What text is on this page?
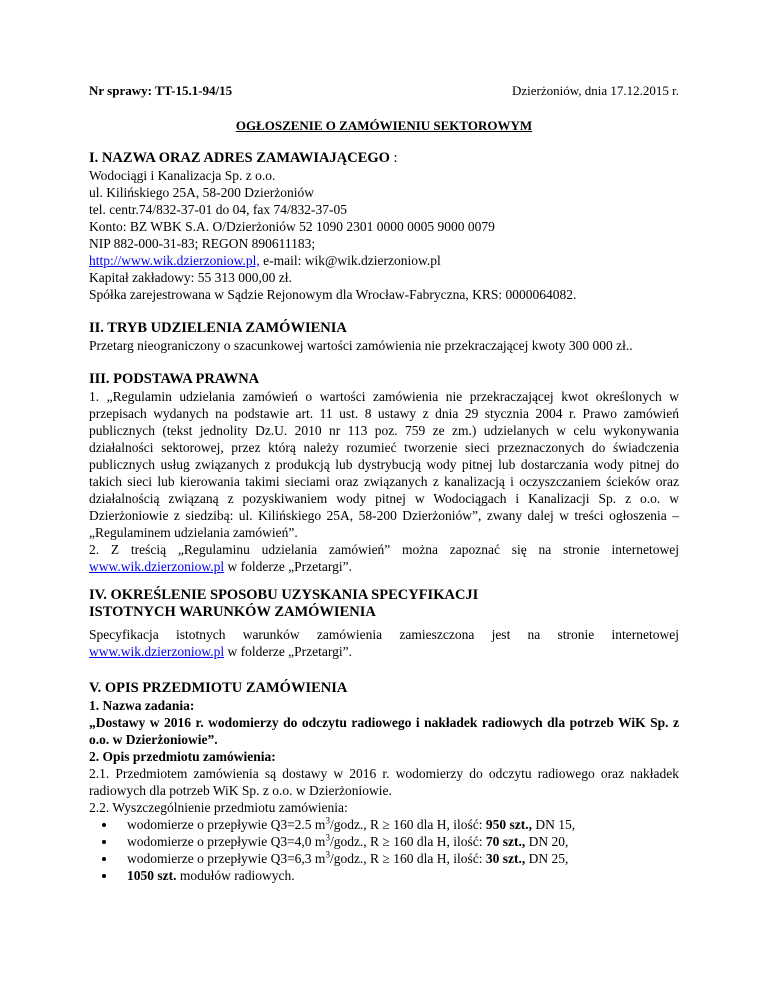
Nr sprawy: TT-15.1-94/15	Dzierżoniów, dnia 17.12.2015 r.
OGŁOSZENIE O ZAMÓWIENIU SEKTOROWYM
I. NAZWA ORAZ ADRES ZAMAWIAJĄCEGO :

Wodociągi i Kanalizacja Sp. z o.o.

ul. Kilińskiego 25A, 58-200 Dzierżoniów

tel. centr.74/832-37-01 do 04, fax 74/832-37-05

Konto: BZ WBK S.A. O/Dzierżoniów 52 1090 2301 0000 0005 9000 0079

NIP 882-000-31-83; REGON 890611183;

http://www.wik.dzierzoniow.pl, e-mail: wik@wik.dzierzoniow.pl

Kapitał zakładowy: 55 313 000,00 zł.

Spółka zarejestrowana w Sądzie Rejonowym dla Wrocław-Fabryczna, KRS: 0000064082.

II. TRYB UDZIELENIA ZAMÓWIENIA

Przetarg nieograniczony o szacunkowej wartości zamówienia nie przekraczającej kwoty 300 000 zł..

III. PODSTAWA PRAWNA

1. „Regulamin udzielania zamówień o wartości zamówienia nie przekraczającej kwot określonych w przepisach wydanych na podstawie art. 11 ust. 8 ustawy z dnia 29 stycznia 2004 r. Prawo zamówień publicznych (tekst jednolity Dz.U. 2010 nr 113 poz. 759 ze zm.) udzielanych w celu wykonywania działalności sektorowej, przez którą należy rozumieć tworzenie sieci przeznaczonych do świadczenia publicznych usług związanych z produkcją lub dystrybucją wody pitnej lub dostarczania wody pitnej do takich sieci lub kierowania takimi sieciami oraz związanych z kanalizacją i oczyszczaniem ścieków oraz działalnością związaną z pozyskiwaniem wody pitnej w Wodociągach i Kanalizacji Sp. z o.o. w Dzierżoniowie z siedzibą: ul. Kilińskiego 25A, 58-200 Dzierżoniów”, zwany dalej w treści ogłoszenia – „Regulaminem udzielania zamówień”.

2. Z treścią „Regulaminu udzielania zamówień” można zapoznać się na stronie internetowej www.wik.dzierzoniow.pl w folderze „Przetargi”.

IV. OKREŚLENIE SPOSOBU UZYSKANIA SPECYFIKACJI ISTOTNYCH WARUNKÓW ZAMÓWIENIA

Specyfikacja istotnych warunków zamówienia zamieszczona jest na stronie internetowej www.wik.dzierzoniow.pl w folderze „Przetargi”.

V. OPIS PRZEDMIOTU ZAMÓWIENIA

1. Nazwa zadania:

„Dostawy w 2016 r. wodomierzy do odczytu radiowego i nakładek radiowych dla potrzeb WiK Sp. z o.o. w Dzierżoniowie”.

2. Opis przedmiotu zamówienia:

2.1. Przedmiotem zamówienia są dostawy w 2016 r. wodomierzy do odczytu radiowego oraz nakładek radiowych dla potrzeb WiK Sp. z o.o. w Dzierżoniowie.

2.2. Wyszczególnienie przedmiotu zamówienia:

• wodomierze o przepływie Q3=2.5 $m^3$/godz., R ≥ 160 dla H, ilość: 950 szt., DN 15,
• wodomierze o przepływie Q3=4,0 $m^3$/godz., R ≥ 160 dla H, ilość: 70 szt., DN 20,
• wodomierze o przepływie Q3=6,3 $m^3$/godz., R ≥ 160 dla H, ilość: 30 szt., DN 25,
• 1050 szt. modułów radiowych.
